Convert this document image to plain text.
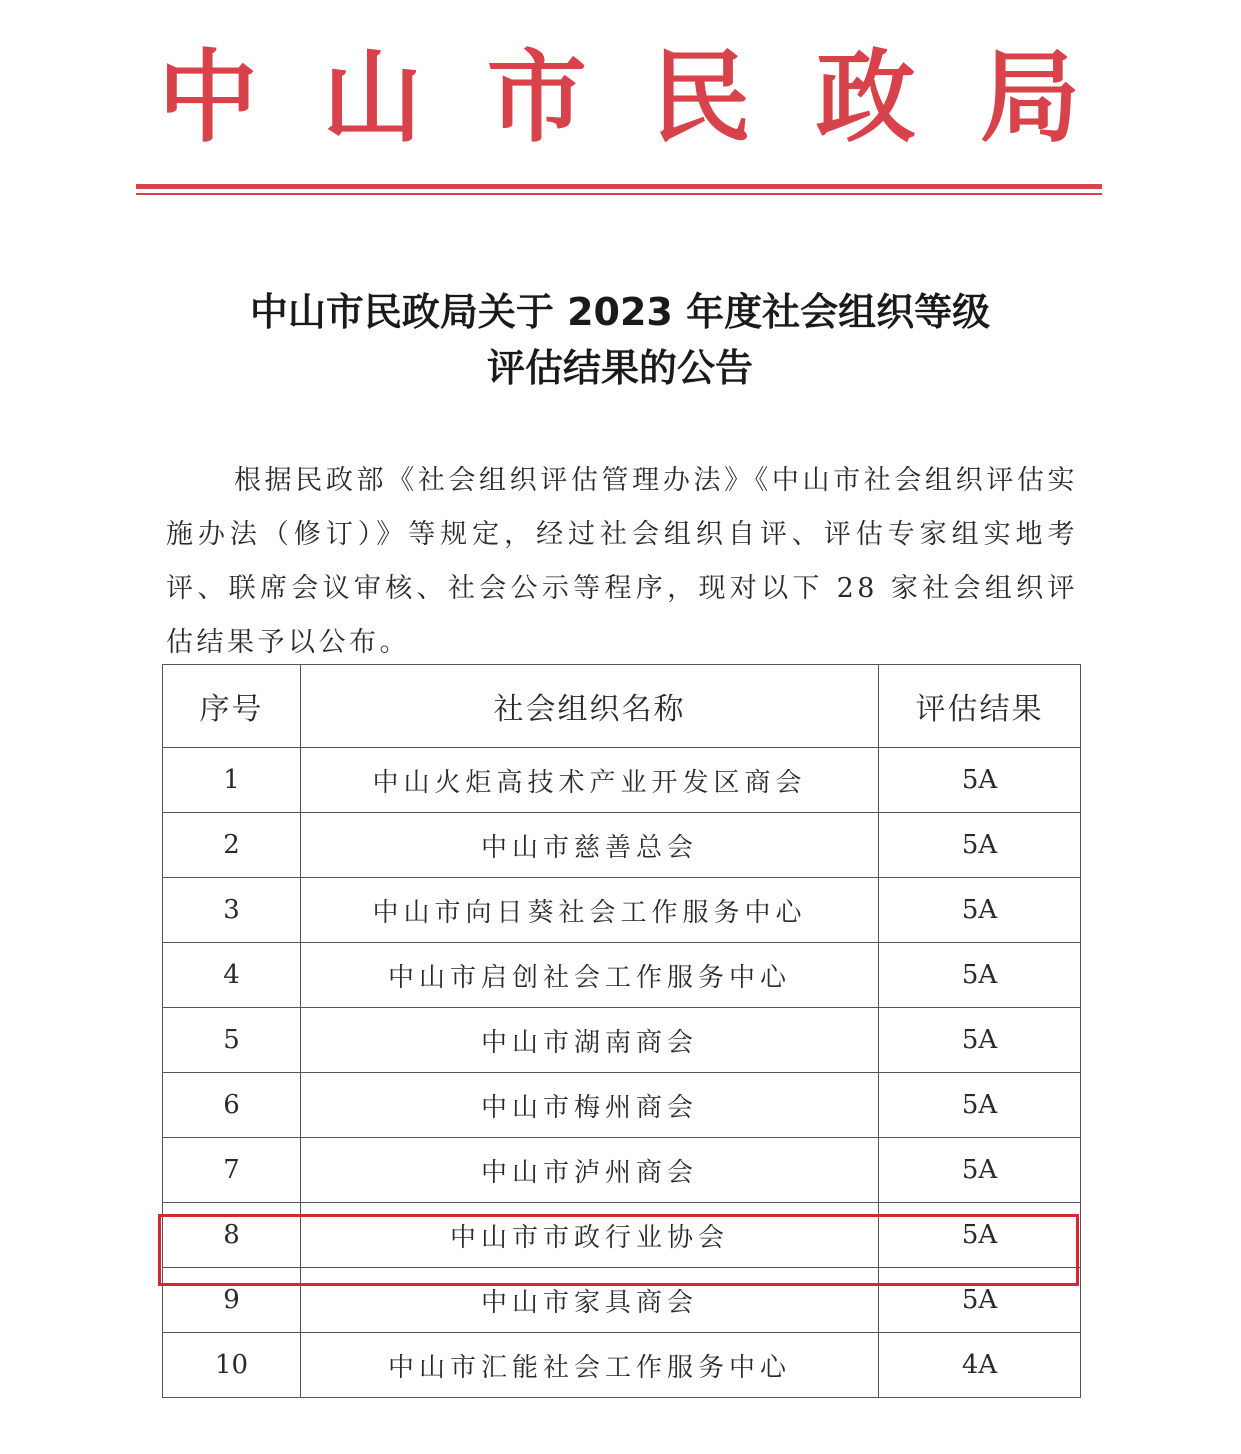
中 山 市 民 政 局
中山市民政局关于 2023 年度社会组织等级
评估结果的公告

根据民政部《社会组织评估管理办法》《中山市社会组织评估实施办法（修订）》等规定，经过社会组织自评、评估专家组实地考评、联席会议审核、社会公示等程序，现对以下 28 家社会组织评估结果予以公布。

序号	社会组织名称	评估结果
1	中山火炬高技术产业开发区商会	5A
2	中山市慈善总会	5A
3	中山市向日葵社会工作服务中心	5A
4	中山市启创社会工作服务中心	5A
5	中山市湖南商会	5A
6	中山市梅州商会	5A
7	中山市泸州商会	5A
8	中山市市政行业协会	5A
9	中山市家具商会	5A
10	中山市汇能社会工作服务中心	4A
